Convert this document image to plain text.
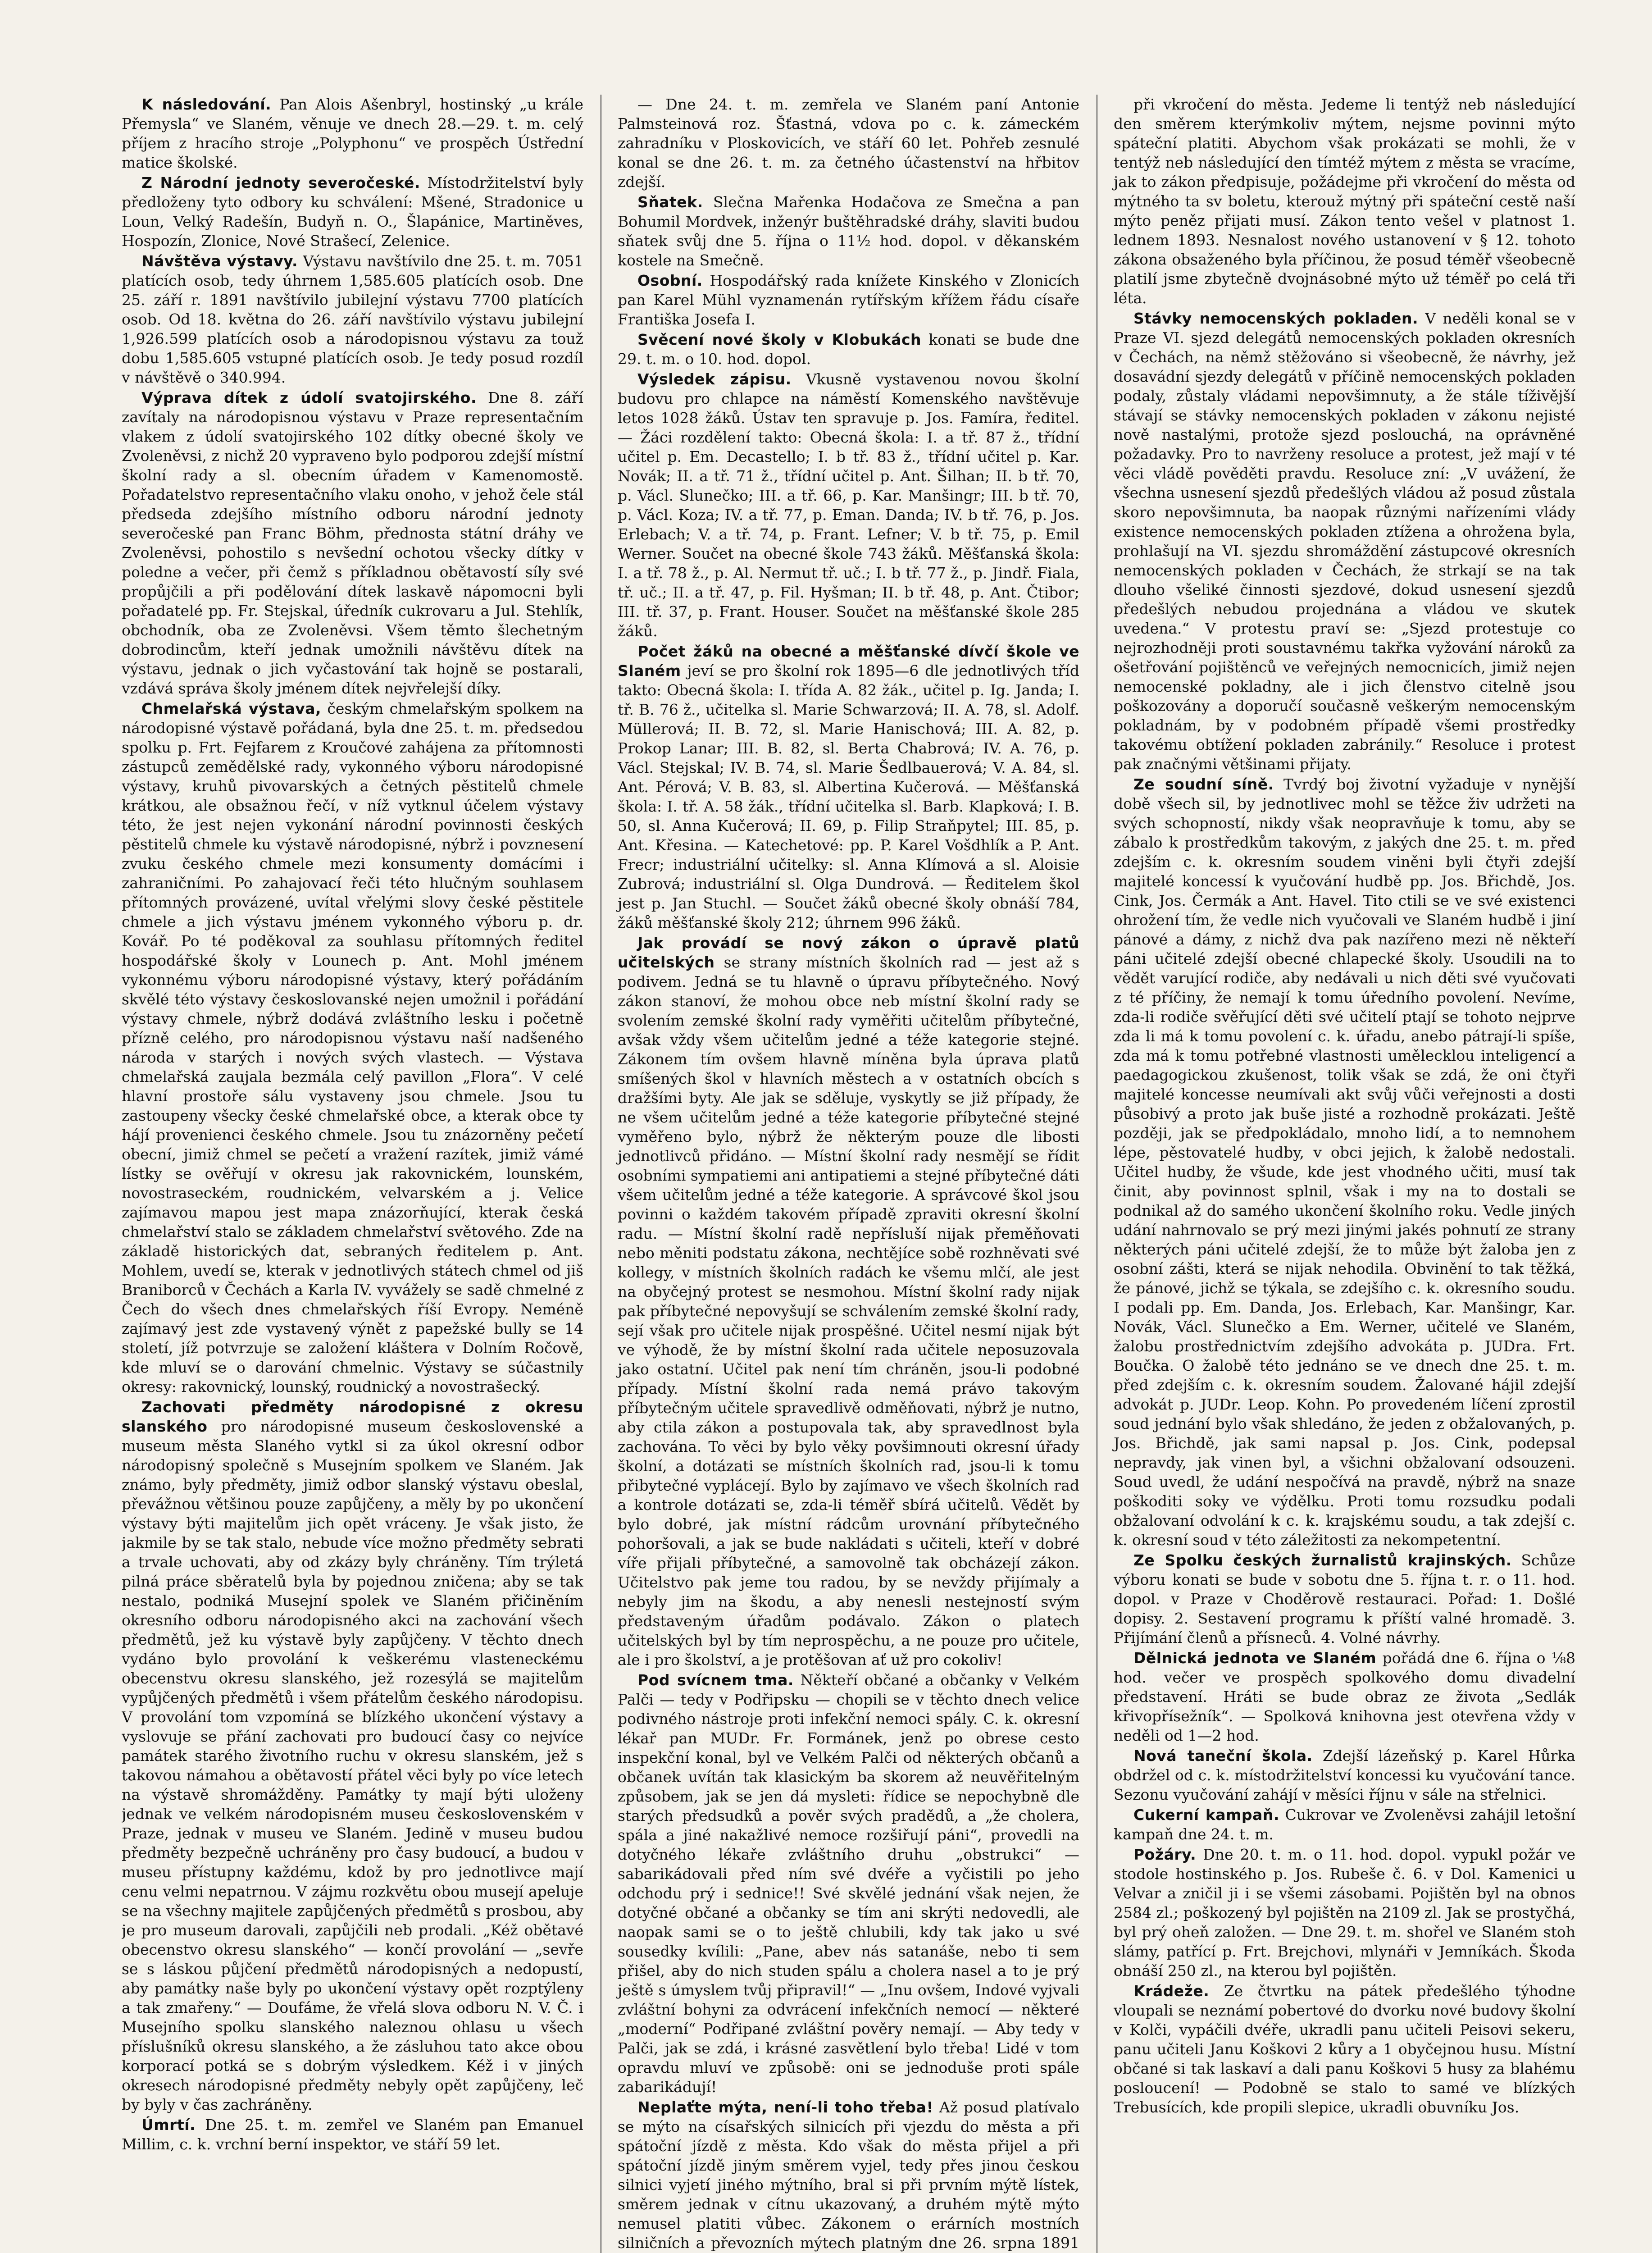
K následování. Pan Alois Ašenbryl, hostinský „u krále Přemysla“ ve Slaném, věnuje ve dnech 28.—29. t. m. celý příjem z hracího stroje „Polyphonu“ ve prospěch Ústřední matice školské.

Z Národní jednoty severočeské. Místodržitelství byly předloženy tyto odbory ku schválení: Mšené, Stradonice u Loun, Velký Radešín, Budyň n. O., Šlapánice, Martiněves, Hospozín, Zlonice, Nové Strašecí, Zelenice.

Návštěva výstavy. Výstavu navštívilo dne 25. t. m. 7051 platících osob, tedy úhrnem 1,585.605 platících osob. Dne 25. září r. 1891 navštívilo jubilejní výstavu 7700 platících osob. Od 18. května do 26. září navštívilo výstavu jubilejní 1,926.599 platících osob a národopisnou výstavu za touž dobu 1,585.605 vstupné platících osob. Je tedy posud rozdíl v návštěvě o 340.994.

Výprava dítek z údolí svatojirského. Dne 8. září zavítaly na národopisnou výstavu v Praze representačním vlakem z údolí svatojirského 102 dítky obecné školy ve Zvoleněvsi, z nichž 20 vypraveno bylo podporou zdejší místní školní rady a sl. obecním úřadem v Kamenomostě. Pořadatelstvo representačního vlaku onoho, v jehož čele stál předseda zdejšího místního odboru národní jednoty severočeské pan Franc Böhm, přednosta státní dráhy ve Zvoleněvsi, pohostilo s nevšední ochotou všecky dítky v poledne a večer, při čemž s příkladnou obětavostí síly své propůjčili a při podělování dítek laskavě nápomocni byli pořadatelé pp. Fr. Stejskal, úředník cukrovaru a Jul. Stehlík, obchodník, oba ze Zvoleněvsi. Všem těmto šlechetným dobrodincům, kteří jednak umožnili návštěvu dítek na výstavu, jednak o jich vyčastování tak hojně se postarali, vzdává správa školy jménem dítek nejvřelejší díky.

Chmelařská výstava, českým chmelařským spolkem na národopisné výstavě pořádaná, byla dne 25. t. m. předsedou spolku p. Frt. Fejfarem z Kroučové zahájena za přítomnosti zástupců zemědělské rady, vykonného výboru národopisné výstavy, kruhů pivovarských a četných pěstitelů chmele krátkou, ale obsažnou řečí, v níž vytknul účelem výstavy této, že jest nejen vykonání národní povinnosti českých pěstitelů chmele ku výstavě národopisné, nýbrž i povznesení zvuku českého chmele mezi konsumenty domácími i zahraničními. Po zahajovací řeči této hlučným souhlasem přítomných provázené, uvítal vřelými slovy české pěstitele chmele a jich výstavu jménem vykonného výboru p. dr. Kovář. Po té poděkoval za souhlasu přítomných ředitel hospodářské školy v Lounech p. Ant. Mohl jménem vykonnému výboru národopisné výstavy, který pořádáním skvělé této výstavy českoslovanské nejen umožnil i pořádání výstavy chmele, nýbrž dodává zvláštního lesku i početně přízně celého, pro národopisnou výstavu naší nadšeného národa v starých i nových svých vlastech. — Výstava chmelařská zaujala bezmála celý pavillon „Flora“. V celé hlavní prostoře sálu vystaveny jsou chmele. Jsou tu zastoupeny všecky české chmelařské obce, a kterak obce ty hájí provenienci českého chmele. Jsou tu znázorněny pečetí obecní, jimiž chmel se pečetí a vražení razítek, jimiž vámé lístky se ověřují v okresu jak rakovnickém, lounském, novostraseckém, roudnickém, velvarském a j. Velice zajímavou mapou jest mapa znázorňující, kterak česká chmelařství stalo se základem chmelařství světového. Zde na základě historických dat, sebraných ředitelem p. Ant. Mohlem, uvedí se, kterak v jednotlivých státech chmel od jiš Braniborců v Čechách a Karla IV. vyvážely se sadě chmelné z Čech do všech dnes chmelařských říší Evropy. Neméně zajímavý jest zde vystavený výnět z papežské bully se 14 století, jíž potvrzuje se založení kláštera v Dolním Ročově, kde mluví se o darování chmelnic. Výstavy se súčastnily okresy: rakovnický, lounský, roudnický a novostrašecký.

Zachovati předměty národopisné z okresu slanského pro národopisné museum československé a museum města Slaného vytkl si za úkol okresní odbor národopisný společně s Musejním spolkem ve Slaném. Jak známo, byly předměty, jimiž odbor slanský výstavu obeslal, převážnou většinou pouze zapůjčeny, a měly by po ukončení výstavy býti majitelům jich opět vráceny. Je však jisto, že jakmile by se tak stalo, nebude více možno předměty sebrati a trvale uchovati, aby od zkázy byly chráněny. Tím trýletá pilná práce sběratelů byla by pojednou zničena; aby se tak nestalo, podniká Musejní spolek ve Slaném přičiněním okresního odboru národopisného akci na zachování všech předmětů, jež ku výstavě byly zapůjčeny. V těchto dnech vydáno bylo provolání k veškerému vlasteneckému obecenstvu okresu slanského, jež rozesýlá se majitelům vypůjčených předmětů i všem přátelům českého národopisu. V provolání tom vzpomíná se blízkého ukončení výstavy a vyslovuje se přání zachovati pro budoucí časy co nejvíce památek starého životního ruchu v okresu slanském, jež s takovou námahou a obětavostí přátel věci byly po více letech na výstavě shromážděny. Památky ty mají býti uloženy jednak ve velkém národopisném museu československém v Praze, jednak v museu ve Slaném. Jedině v museu budou předměty bezpečně uchráněny pro časy budoucí, a budou v museu přístupny každému, kdož by pro jednotlivce mají cenu velmi nepatrnou. V zájmu rozkvětu obou musejí apeluje se na všechny majitele zapůjčených předmětů s prosbou, aby je pro museum darovali, zapůjčili neb prodali. „Kéž obětavé obecenstvo okresu slanského“ — končí provolání — „sevře se s láskou půjčení předmětů národopisných a nedopustí, aby památky naše byly po ukončení výstavy opět rozptýleny a tak zmařeny.“ — Doufáme, že vřelá slova odboru N. V. Č. i Musejního spolku slanského naleznou ohlasu u všech příslušníků okresu slanského, a že zásluhou tato akce obou korporací potká se s dobrým výsledkem. Kéž i v jiných okresech národopisné předměty nebyly opět zapůjčeny, leč by byly v čas zachráněny.

Úmrtí. Dne 25. t. m. zemřel ve Slaném pan Emanuel Millim, c. k. vrchní berní inspektor, ve stáří 59 let.

— Dne 24. t. m. zemřela ve Slaném paní Antonie Palmsteinová roz. Šťastná, vdova po c. k. zámeckém zahradníku v Ploskovicích, ve stáří 60 let. Pohřeb zesnulé konal se dne 26. t. m. za četného účastenství na hřbitov zdejší.

Sňatek. Slečna Mařenka Hodačova ze Smečna a pan Bohumil Mordvek, inženýr buštěhradské dráhy, slaviti budou sňatek svůj dne 5. října o 11½ hod. dopol. v děkanském kostele na Smečně.

Osobní. Hospodářský rada knížete Kinského v Zlonicích pan Karel Mühl vyznamenán rytířským křížem řádu císaře Františka Josefa I.

Svěcení nové školy v Klobukách konati se bude dne 29. t. m. o 10. hod. dopol.

Výsledek zápisu. Vkusně vystavenou novou školní budovu pro chlapce na náměstí Komenského navštěvuje letos 1028 žáků. Ústav ten spravuje p. Jos. Famíra, ředitel. — Žáci rozdělení takto: Obecná škola: I. a tř. 87 ž., třídní učitel p. Em. Decastello; I. b tř. 83 ž., třídní učitel p. Kar. Novák; II. a tř. 71 ž., třídní učitel p. Ant. Šilhan; II. b tř. 70, p. Václ. Slunečko; III. a tř. 66, p. Kar. Manšingr; III. b tř. 70, p. Václ. Koza; IV. a tř. 77, p. Eman. Danda; IV. b tř. 76, p. Jos. Erlebach; V. a tř. 74, p. Frant. Lefner; V. b tř. 75, p. Emil Werner. Součet na obecné škole 743 žáků. Měšťanská škola: I. a tř. 78 ž., p. Al. Nermut tř. uč.; I. b tř. 77 ž., p. Jindř. Fiala, tř. uč.; II. a tř. 47, p. Fil. Hyšman; II. b tř. 48, p. Ant. Čtibor; III. tř. 37, p. Frant. Houser. Součet na měšťanské škole 285 žáků.

Počet žáků na obecné a měšťanské dívčí škole ve Slaném jeví se pro školní rok 1895—6 dle jednotlivých tříd takto: Obecná škola: I. třída A. 82 žák., učitel p. Ig. Janda; I. tř. B. 76 ž., učitelka sl. Marie Schwarzová; II. A. 78, sl. Adolf. Müllerová; II. B. 72, sl. Marie Hanischová; III. A. 82, p. Prokop Lanar; III. B. 82, sl. Berta Chabrová; IV. A. 76, p. Václ. Stejskal; IV. B. 74, sl. Marie Šedlbauerová; V. A. 84, sl. Ant. Pérová; V. B. 83, sl. Albertina Kučerová. — Měšťanská škola: I. tř. A. 58 žák., třídní učitelka sl. Barb. Klapková; I. B. 50, sl. Anna Kučerová; II. 69, p. Filip Straňpytel; III. 85, p. Ant. Křesina. — Katechetové: pp. P. Karel Vošdhlík a P. Ant. Frecr; industriální učitelky: sl. Anna Klímová a sl. Aloisie Zubrová; industriální sl. Olga Dundrová. — Ředitelem škol jest p. Jan Stuchl. — Součet žáků obecné školy obnáší 784, žáků měšťanské školy 212; úhrnem 996 žáků.

Jak provádí se nový zákon o úpravě platů učitelských se strany místních školních rad — jest až s podivem. Jedná se tu hlavně o úpravu příbytečného. Nový zákon stanoví, že mohou obce neb místní školní rady se svolením zemské školní rady vyměřiti učitelům příbytečné, avšak vždy všem učitelům jedné a téže kategorie stejné. Zákonem tím ovšem hlavně míněna byla úprava platů smíšených škol v hlavních městech a v ostatních obcích s dražšími byty. Ale jak se sděluje, vyskytly se již případy, že ne všem učitelům jedné a téže kategorie příbytečné stejné vyměřeno bylo, nýbrž že některým pouze dle libosti jednotlivců přidáno. — Místní školní rady nesmějí se řídit osobními sympatiemi ani antipatiemi a stejné příbytečné dáti všem učitelům jedné a téže kategorie. A správcové škol jsou povinni o každém takovém případě zpraviti okresní školní radu. — Místní školní radě nepřísluší nijak přeměňovati nebo měniti podstatu zákona, nechtějíce sobě rozhněvati své kollegy, v místních školních radách ke všemu mlčí, ale jest na obyčejný protest se nesmohou. Místní školní rady nijak pak příbytečné nepovyšují se schválením zemské školní rady, sejí však pro učitele nijak prospěšné. Učitel nesmí nijak být ve výhodě, že by místní školní rada učitele neposuzovala jako ostatní. Učitel pak není tím chráněn, jsou-li podobné případy. Místní školní rada nemá právo takovým příbytečným učitele spravedlivě odměňovati, nýbrž je nutno, aby ctila zákon a postupovala tak, aby spravedlnost byla zachována. To věci by bylo věky povšimnouti okresní úřady školní, a dotázati se místních školních rad, jsou-li k tomu přibytečné vyplácejí. Bylo by zajímavo ve všech školních rad a kontrole dotázati se, zda-li téměř sbírá učitelů. Vědět by bylo dobré, jak místní rádcům urovnání příbytečného pohoršovali, a jak se bude nakládati s učiteli, kteří v dobré víře přijali příbytečné, a samovolně tak obcházejí zákon. Učitelstvo pak jeme tou radou, by se nevždy přijímaly a nebyly jim na škodu, a aby nenesli nestejností svým představeným úřadům podávalo. Zákon o platech učitelských byl by tím neprospěchu, a ne pouze pro učitele, ale i pro školství, a je protěšovan ať už pro cokoliv!

Pod svícnem tma. Někteří občané a občanky v Velkém Palči — tedy v Podřipsku — chopili se v těchto dnech velice podivného nástroje proti infekční nemoci spály. C. k. okresní lékař pan MUDr. Fr. Formánek, jenž po obrese cesto inspekční konal, byl ve Velkém Palči od některých občanů a občanek uvítán tak klasickým ba skorem až neuvěřitelným způsobem, jak se jen dá mysleti: řídice se nepochybně dle starých předsudků a pověr svých pradědů, a „že cholera, spála a jiné nakažlivé nemoce rozšiřují páni“, provedli na dotyčného lékaře zvláštního druhu „obstrukci“ — sabarikádovali před ním své dvéře a vyčistili po jeho odchodu prý i sednice!! Své skvělé jednání však nejen, že dotyčné občané a občanky se tím ani skrýti nedovedli, ale naopak sami se o to ještě chlubili, kdy tak jako u své sousedky kvílili: „Pane, abev nás satanáše, nebo ti sem přišel, aby do nich studen spálu a cholera nasel a to je prý ještě s úmyslem tvůj připravil!“ — „Inu ovšem, Indové vyjvali zvláštní bohyni za odvrácení infekčních nemocí — některé „moderní“ Podřipané zvláštní pověry nemají. — Aby tedy v Palči, jak se zdá, i krásné zasvětlení bylo třeba! Lidé v tom opravdu mluví ve způsobě: oni se jednoduše proti spále zabarikádují!

Neplaťte mýta, není-li toho třeba! Až posud platívalo se mýto na císařských silnicích při vjezdu do města a při spátoční jízdě z města. Kdo však do města přijel a při spátoční jízdě jiným směrem vyjel, tedy přes jinou českou silnici vyjetí jiného mýtního, bral si při prvním mýtě lístek, směrem jednak v cítnu ukazovaný, a druhém mýtě mýto nemusel platiti vůbec. Zákonem o erárních mostních silničních a převozních mýtech platným dne 26. srpna 1891

při vkročení do města. Jedeme li tentýž neb následující den směrem kterýmkoliv mýtem, nejsme povinni mýto spáteční platiti. Abychom však prokázati se mohli, že v tentýž neb následující den tímtéž mýtem z města se vracíme, jak to zákon předpisuje, požádejme při vkročení do města od mýtného ta sv boletu, kterouž mýtný při spáteční cestě naší mýto peněz přijati musí. Zákon tento vešel v platnost 1. lednem 1893. Nesnalost nového ustanovení v § 12. tohoto zákona obsaženého byla příčinou, že posud téměř všeobecně platilí jsme zbytečně dvojnásobné mýto už téměř po celá tři léta.

Stávky nemocenských pokladen. V neděli konal se v Praze VI. sjezd delegátů nemocenských pokladen okresních v Čechách, na němž stěžováno si všeobecně, že návrhy, jež dosavádní sjezdy delegátů v příčině nemocenských pokladen podaly, zůstaly vládami nepovšimnuty, a že stále tíživější stávají se stávky nemocenských pokladen v zákonu nejisté nově nastalými, protože sjezd poslouchá, na oprávněné požadavky. Pro to navrženy resoluce a protest, jež mají v té věci vládě pověděti pravdu. Resoluce zní: „V uvážení, že všechna usnesení sjezdů předešlých vládou až posud zůstala skoro nepovšimnuta, ba naopak různými nařízeními vlády existence nemocenských pokladen ztížena a ohrožena byla, prohlašují na VI. sjezdu shromáždění zástupcové okresních nemocenských pokladen v Čechách, že strkají se na tak dlouho všeliké činnosti sjezdové, dokud usnesení sjezdů předešlých nebudou projednána a vládou ve skutek uvedena.“ V protestu praví se: „Sjezd protestuje co nejrozhodněji proti soustavnému takřka vyžování nároků za ošetřování pojištěnců ve veřejných nemocnicích, jimiž nejen nemocenské pokladny, ale i jich členstvo citelně jsou poškozovány a doporučí současně veškerým nemocenským pokladnám, by v podobném případě všemi prostředky takovému obtížení pokladen zabránily.“ Resoluce i protest pak značnými většinami přijaty.

Ze soudní síně. Tvrdý boj životní vyžaduje v nynější době všech sil, by jednotlivec mohl se těžce živ udržeti na svých schopností, nikdy však neopravňuje k tomu, aby se zábalo k prostředkům takovým, z jakých dne 25. t. m. před zdejším c. k. okresním soudem viněni byli čtyři zdejší majitelé koncessí k vyučování hudbě pp. Jos. Břichdě, Jos. Cink, Jos. Čermák a Ant. Havel. Tito ctili se ve své existenci ohrožení tím, že vedle nich vyučovali ve Slaném hudbě i jiní pánové a dámy, z nichž dva pak nazířeno mezi ně někteří páni učitelé zdejší obecné chlapecké školy. Usoudili na to vědět varující rodiče, aby nedávali u nich děti své vyučovati z té příčiny, že nemají k tomu úředního povolení. Nevíme, zda-li rodiče svěřující děti své učitelí ptají se tohoto nejprve zda li má k tomu povolení c. k. úřadu, anebo pátrají-li spíše, zda má k tomu potřebné vlastnosti umělecklou inteligencí a paedagogickou zkušenost, tolik však se zdá, že oni čtyři majitelé koncesse neumívali akt svůj vůči veřejnosti a dosti působivý a proto jak buše jisté a rozhodně prokázati. Ještě později, jak se předpokládalo, mnoho lidí, a to nemnohem lépe, pěstovatelé hudby, v obci jejich, k žalobě nedostali. Učitel hudby, že všude, kde jest vhodného učiti, musí tak činit, aby povinnost splnil, však i my na to dostali se podnikal až do samého ukončení školního roku. Vedle jiných udání nahrnovalo se prý mezi jinými jakés pohnutí ze strany některých páni učitelé zdejší, že to může být žaloba jen z osobní zášti, která se nijak nehodila. Obvinění to tak těžká, že pánové, jichž se týkala, se zdejšího c. k. okresního soudu. I podali pp. Em. Danda, Jos. Erlebach, Kar. Manšingr, Kar. Novák, Václ. Slunečko a Em. Werner, učitelé ve Slaném, žalobu prostřednictvím zdejšího advokáta p. JUDra. Frt. Boučka. O žalobě této jednáno se ve dnech dne 25. t. m. před zdejším c. k. okresním soudem. Žalované hájil zdejší advokát p. JUDr. Leop. Kohn. Po provedeném líčení zprostil soud jednání bylo však shledáno, že jeden z obžalovaných, p. Jos. Břichdě, jak sami napsal p. Jos. Cink, podepsal nepravdy, jak vinen byl, a všichni obžalovaní odsouzeni. Soud uvedl, že udání nespočívá na pravdě, nýbrž na snaze poškoditi soky ve výdělku. Proti tomu rozsudku podali obžalovaní odvolání k c. k. krajskému soudu, a tak zdejší c. k. okresní soud v této záležitosti za nekompetentní.

Ze Spolku českých žurnalistů krajinských. Schůze výboru konati se bude v sobotu dne 5. října t. r. o 11. hod. dopol. v Praze v Choděrově restauraci. Pořad: 1. Došlé dopisy. 2. Sestavení programu k příští valné hromadě. 3. Přijímání členů a přísneců. 4. Volné návrhy.

Dělnická jednota ve Slaném pořádá dne 6. října o ⅛8 hod. večer ve prospěch spolkového domu divadelní představení. Hráti se bude obraz ze života „Sedlák křivopřísežník“. — Spolková knihovna jest otevřena vždy v neděli od 1—2 hod.

Nová taneční škola. Zdejší lázeňský p. Karel Hůrka obdržel od c. k. místodržitelství koncessi ku vyučování tance. Sezonu vyučování zahájí v měsíci říjnu v sále na střelnici.

Cukerní kampaň. Cukrovar ve Zvoleněvsi zahájil letošní kampaň dne 24. t. m.

Požáry. Dne 20. t. m. o 11. hod. dopol. vypukl požár ve stodole hostinského p. Jos. Rubeše č. 6. v Dol. Kamenici u Velvar a zničil ji i se všemi zásobami. Pojištěn byl na obnos 2584 zl.; poškozený byl pojištěn na 2109 zl. Jak se prostyčhá, byl prý oheň založen. — Dne 29. t. m. shořel ve Slaném stoh slámy, patřící p. Frt. Brejchovi, mlynáři v Jemníkách. Škoda obnáší 250 zl., na kterou byl pojištěn.

Krádeže. Ze čtvrtku na pátek předešlého týhodne vloupali se neznámí pobertové do dvorku nové budovy školní v Kolči, vypáčili dvéře, ukradli panu učiteli Peisovi sekeru, panu učiteli Janu Koškovi 2 kůry a 1 obyčejnou husu. Místní občané si tak laskaví a dali panu Koškovi 5 husy za blahému posloucení! — Podobně se stalo to samé ve blízkých Trebusících, kde propili slepice, ukradli obuvníku Jos.
